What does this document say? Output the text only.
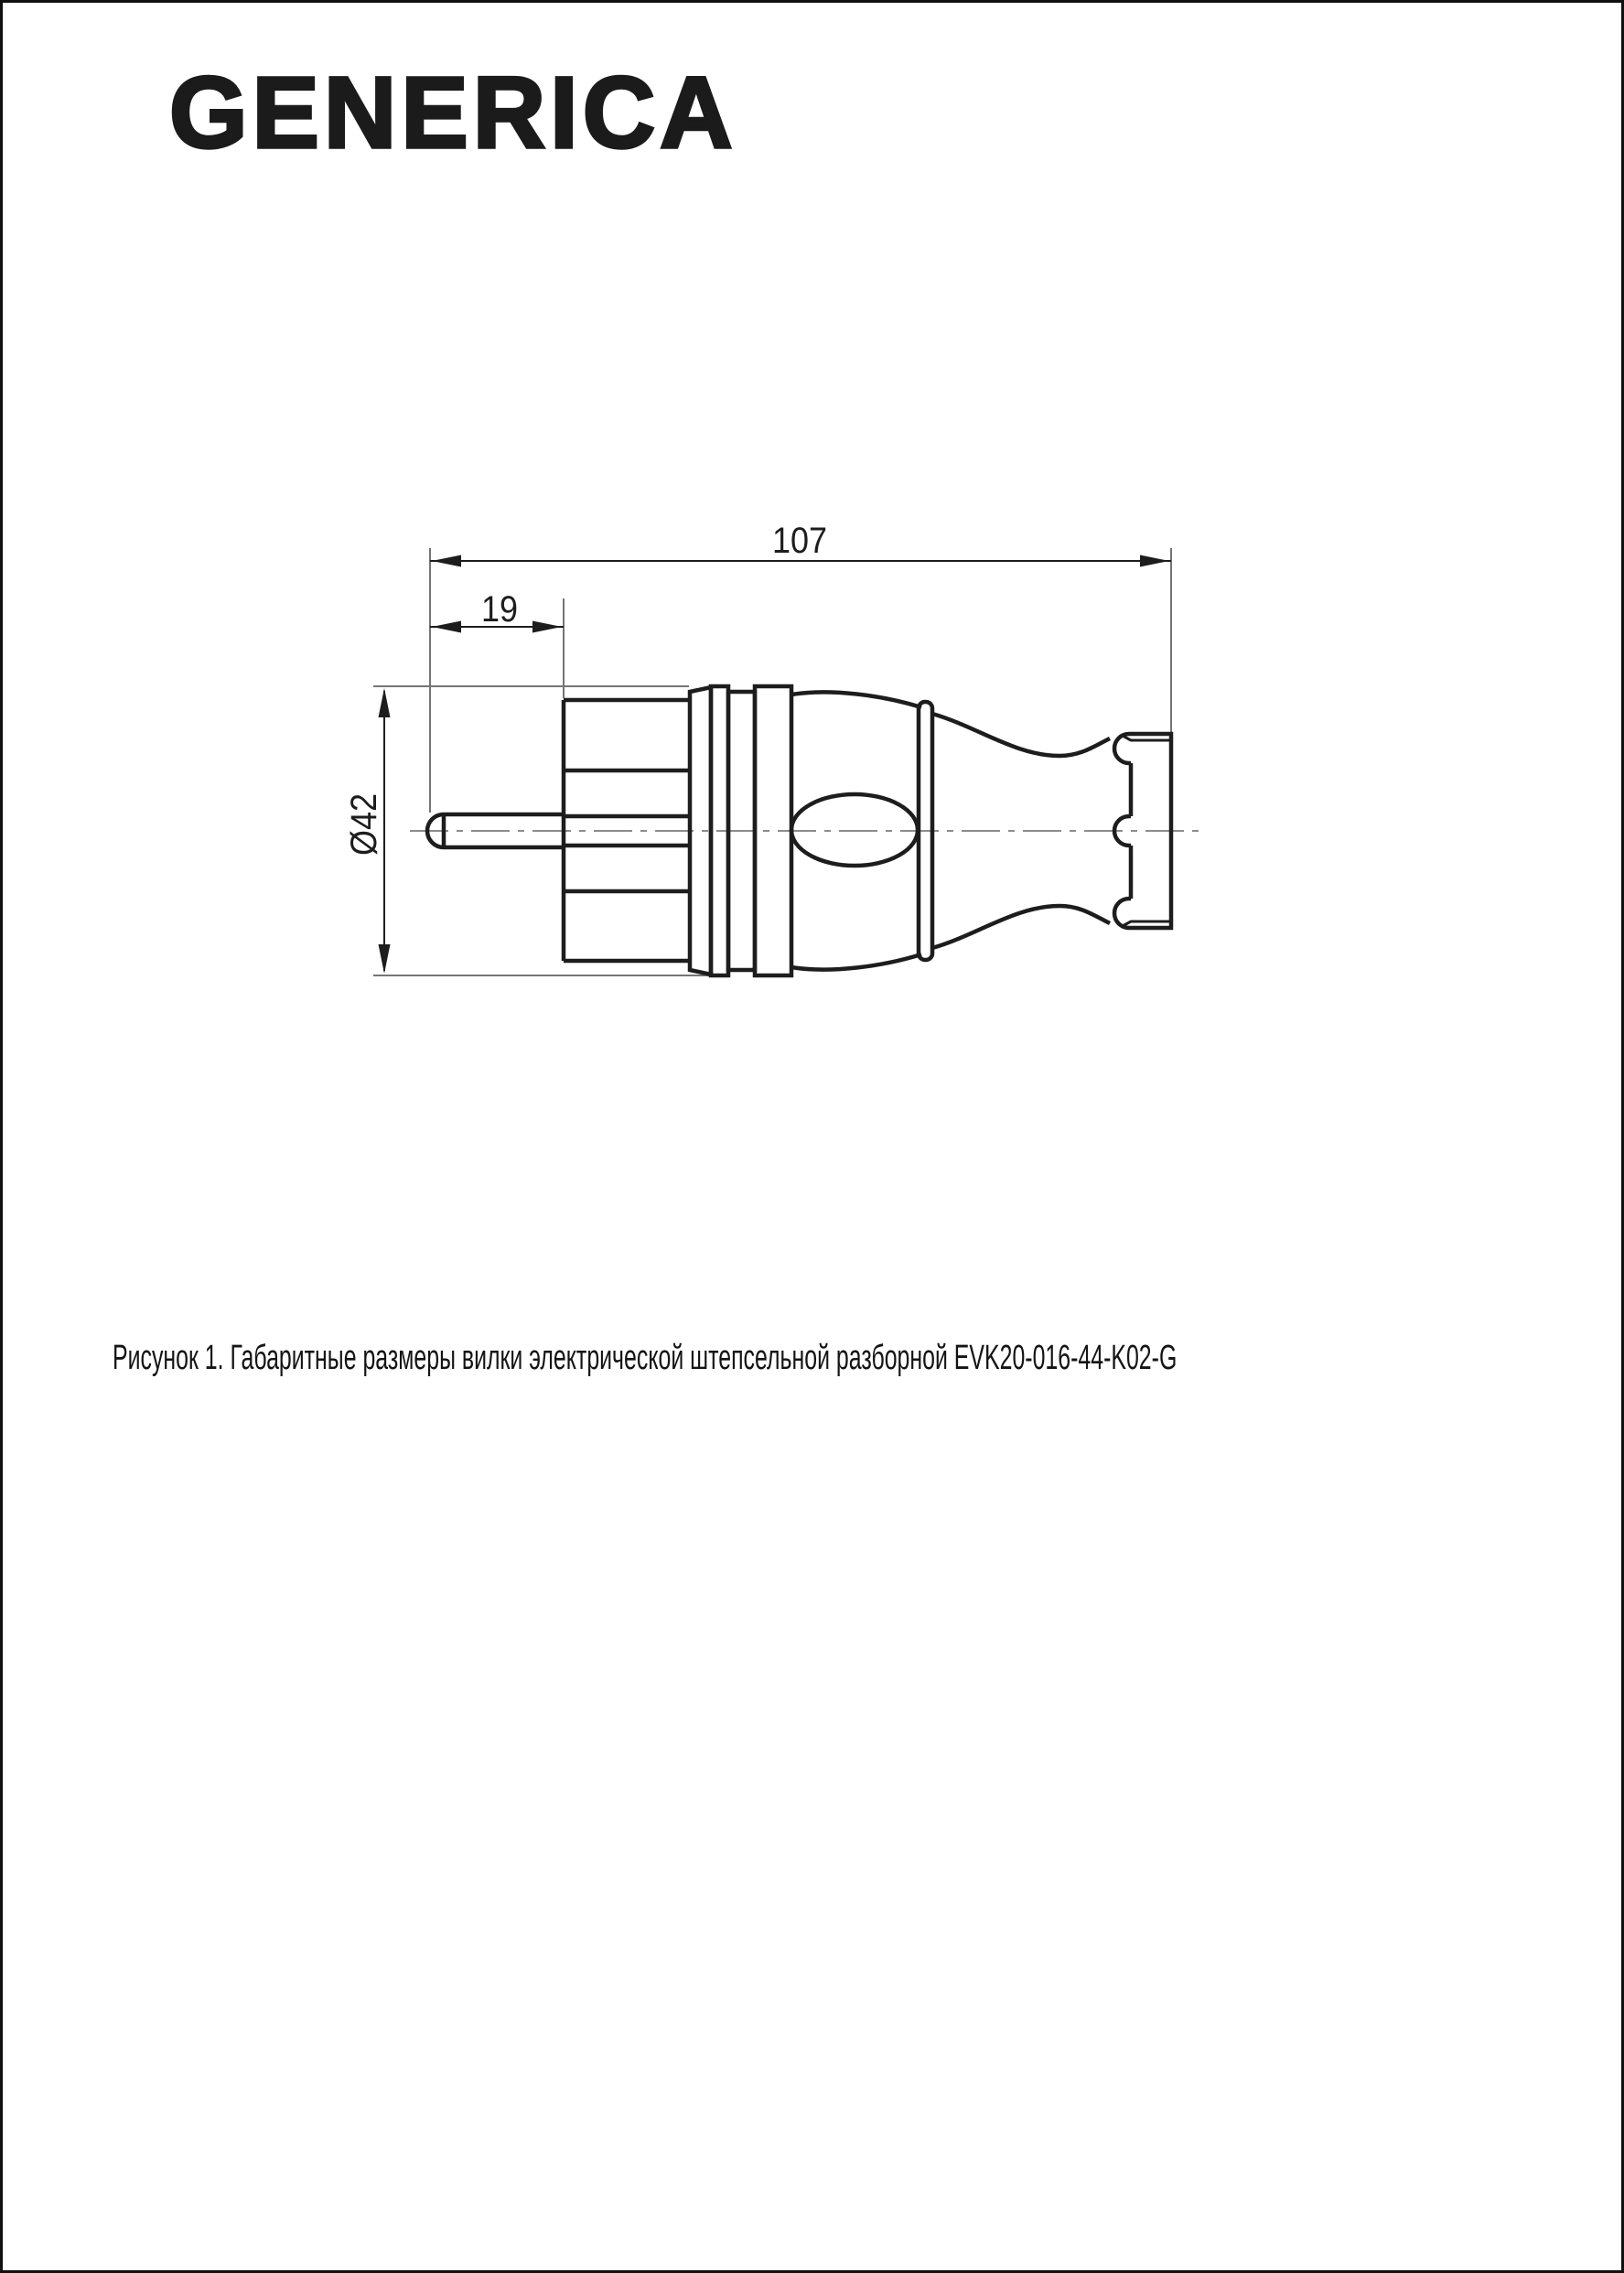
GENERICA
107
19
Ø42
Рисунок 1. Габаритные размеры вилки электрической штепсельной разборной EVK20-016-44-K02-G
